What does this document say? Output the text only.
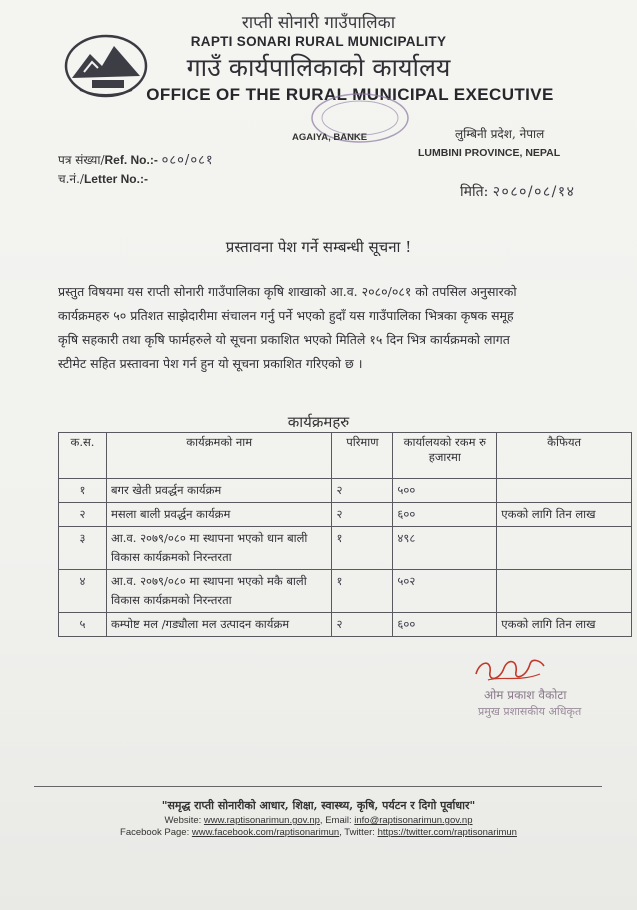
राप्ती सोनारी गाउँपालिका
RAPTI SONARI RURAL MUNICIPALITY
गाउँ कार्यपालिकाको कार्यालय
OFFICE OF THE RURAL MUNICIPAL EXECUTIVE
AGAIYA, BANKE	लुम्बिनी प्रदेश, नेपाल
LUMBINI PROVINCE, NEPAL
पत्र संख्या/Ref. No.:- ०८०/०८१
च.नं./Letter No.:-
मिति: २०८०/०८/१४
प्रस्तावना पेश गर्ने सम्बन्धी सूचना !
प्रस्तुत विषयमा यस राप्ती सोनारी गाउँपालिका कृषि शाखाको आ.व. २०८०/०८१ को तपसिल अनुसारको
कार्यक्रमहरु ५० प्रतिशत साझेदारीमा संचालन गर्नु पर्ने भएको हुदाँ यस गाउँपालिका भित्रका कृषक समूह
कृषि सहकारी तथा कृषि फार्महरुले यो सूचना प्रकाशित भएको मितिले १५ दिन भित्र कार्यक्रमको लागत
स्टीमेट सहित प्रस्तावना पेश गर्न हुन यो सूचना प्रकाशित गरिएको छ ।
कार्यक्रमहरु
क.स.	कार्यक्रमको नाम	परिमाण	कार्यालयको रकम रु हजारमा	कैफियत
१	बगर खेती प्रवर्द्धन कार्यक्रम	२	५००	
२	मसला बाली प्रवर्द्धन कार्यक्रम	२	६००	एकको लागि तिन लाख
३	आ.व. २०७९/०८० मा स्थापना भएको धान बाली विकास कार्यक्रमको निरन्तरता	१	४९८	
४	आ.व. २०७९/०८० मा स्थापना भएको मकै बाली विकास कार्यक्रमको निरन्तरता	१	५०२	
५	कम्पोष्ट मल /गड्यौला मल उत्पादन कार्यक्रम	२	६००	एकको लागि तिन लाख
ओम प्रकाश वैकोटा
प्रमुख प्रशासकीय अधिकृत
"समृद्ध राप्ती सोनारीको आधार, शिक्षा, स्वास्थ्य, कृषि, पर्यटन र दिगो पूर्वाधार"
Website: www.raptisonarimun.gov.np, Email: info@raptisonarimun.gov.np
Facebook Page: www.facebook.com/raptisonarimun, Twitter: https://twitter.com/raptisonarimun
